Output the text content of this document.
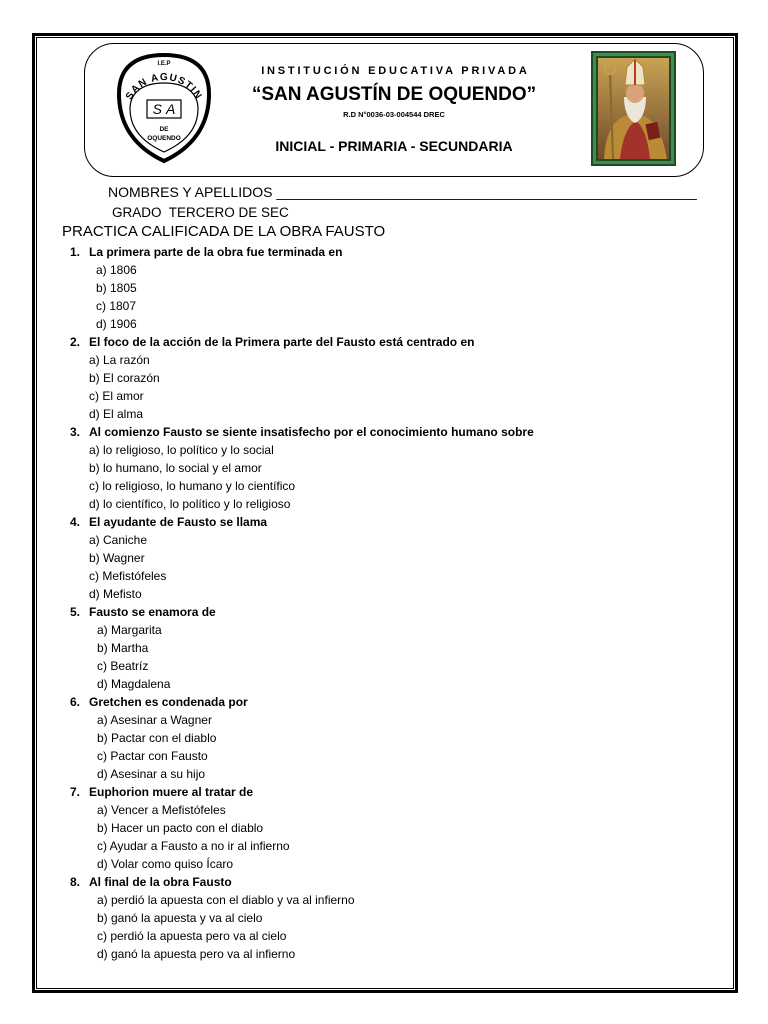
I.E.P
SAN AGUSTIN
SA
DE
OQUENDO
INSTITUCIÓN EDUCATIVA PRIVADA
“SAN AGUSTÍN DE OQUENDO”
R.D N°0036-03-004544 DREC
INICIAL - PRIMARIA - SECUNDARIA
NOMBRES Y APELLIDOS ______________________________________________________
GRADO  TERCERO DE SEC
PRACTICA CALIFICADA DE LA OBRA FAUSTO
1. La primera parte de la obra fue terminada en
a) 1806
b) 1805
c) 1807
d) 1906
2. El foco de la acción de la Primera parte del Fausto está centrado en
a) La razón
b) El corazón
c) El amor
d) El alma
3. Al comienzo Fausto se siente insatisfecho por el conocimiento humano sobre
a) lo religioso, lo político y lo social
b) lo humano, lo social y el amor
c) lo religioso, lo humano y lo científico
d) lo científico, lo político y lo religioso
4. El ayudante de Fausto se llama
a) Caniche
b) Wagner
c) Mefistófeles
d) Mefisto
5. Fausto se enamora de
a) Margarita
b) Martha
c) Beatríz
d) Magdalena
6. Gretchen es condenada por
a) Asesinar a Wagner
b) Pactar con el diablo
c) Pactar con Fausto
d) Asesinar a su hijo
7. Euphorion muere al tratar de
a) Vencer a Mefistófeles
b) Hacer un pacto con el diablo
c) Ayudar a Fausto a no ir al infierno
d) Volar como quiso Ícaro
8. Al final de la obra Fausto
a) perdió la apuesta con el diablo y va al infierno
b) ganó la apuesta y va al cielo
c) perdió la apuesta pero va al cielo
d) ganó la apuesta pero va al infierno
